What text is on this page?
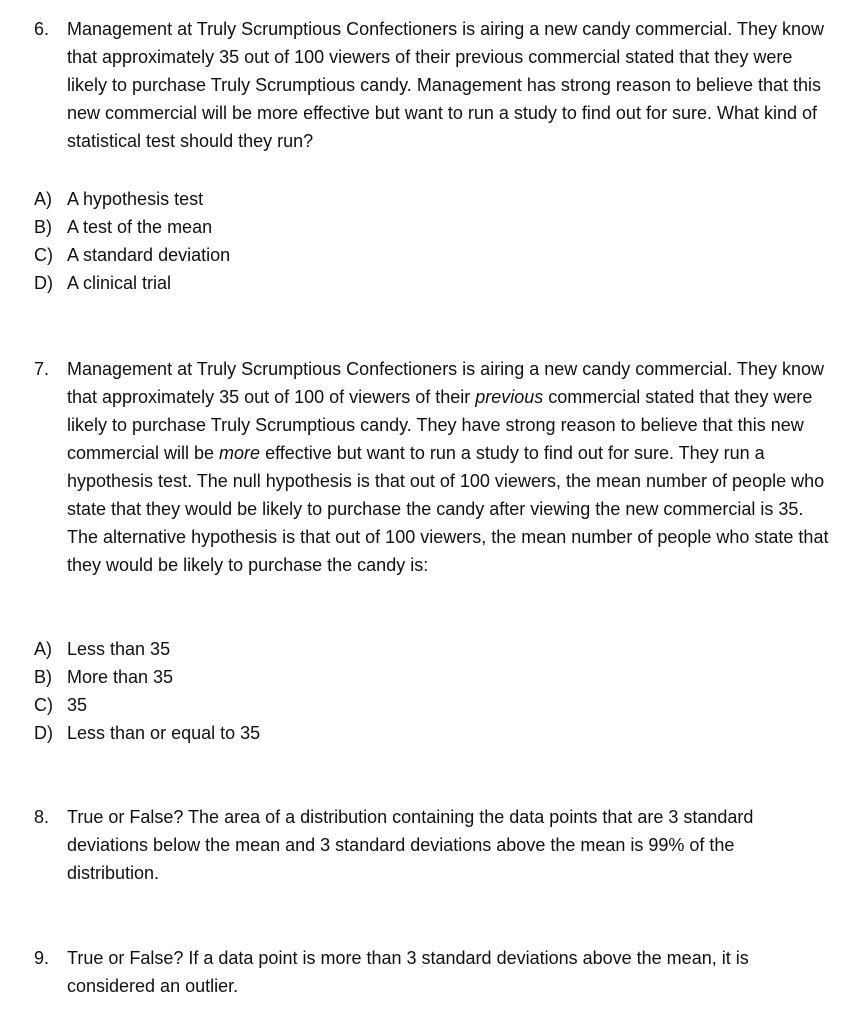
6. Management at Truly Scrumptious Confectioners is airing a new candy commercial. They know that approximately 35 out of 100 viewers of their previous commercial stated that they were likely to purchase Truly Scrumptious candy. Management has strong reason to believe that this new commercial will be more effective but want to run a study to find out for sure. What kind of statistical test should they run?
A) A hypothesis test
B) A test of the mean
C) A standard deviation
D) A clinical trial
7. Management at Truly Scrumptious Confectioners is airing a new candy commercial. They know that approximately 35 out of 100 of viewers of their previous commercial stated that they were likely to purchase Truly Scrumptious candy. They have strong reason to believe that this new commercial will be more effective but want to run a study to find out for sure. They run a hypothesis test. The null hypothesis is that out of 100 viewers, the mean number of people who state that they would be likely to purchase the candy after viewing the new commercial is 35. The alternative hypothesis is that out of 100 viewers, the mean number of people who state that they would be likely to purchase the candy is:
A) Less than 35
B) More than 35
C) 35
D) Less than or equal to 35
8. True or False? The area of a distribution containing the data points that are 3 standard deviations below the mean and 3 standard deviations above the mean is 99% of the distribution.
9. True or False? If a data point is more than 3 standard deviations above the mean, it is considered an outlier.
